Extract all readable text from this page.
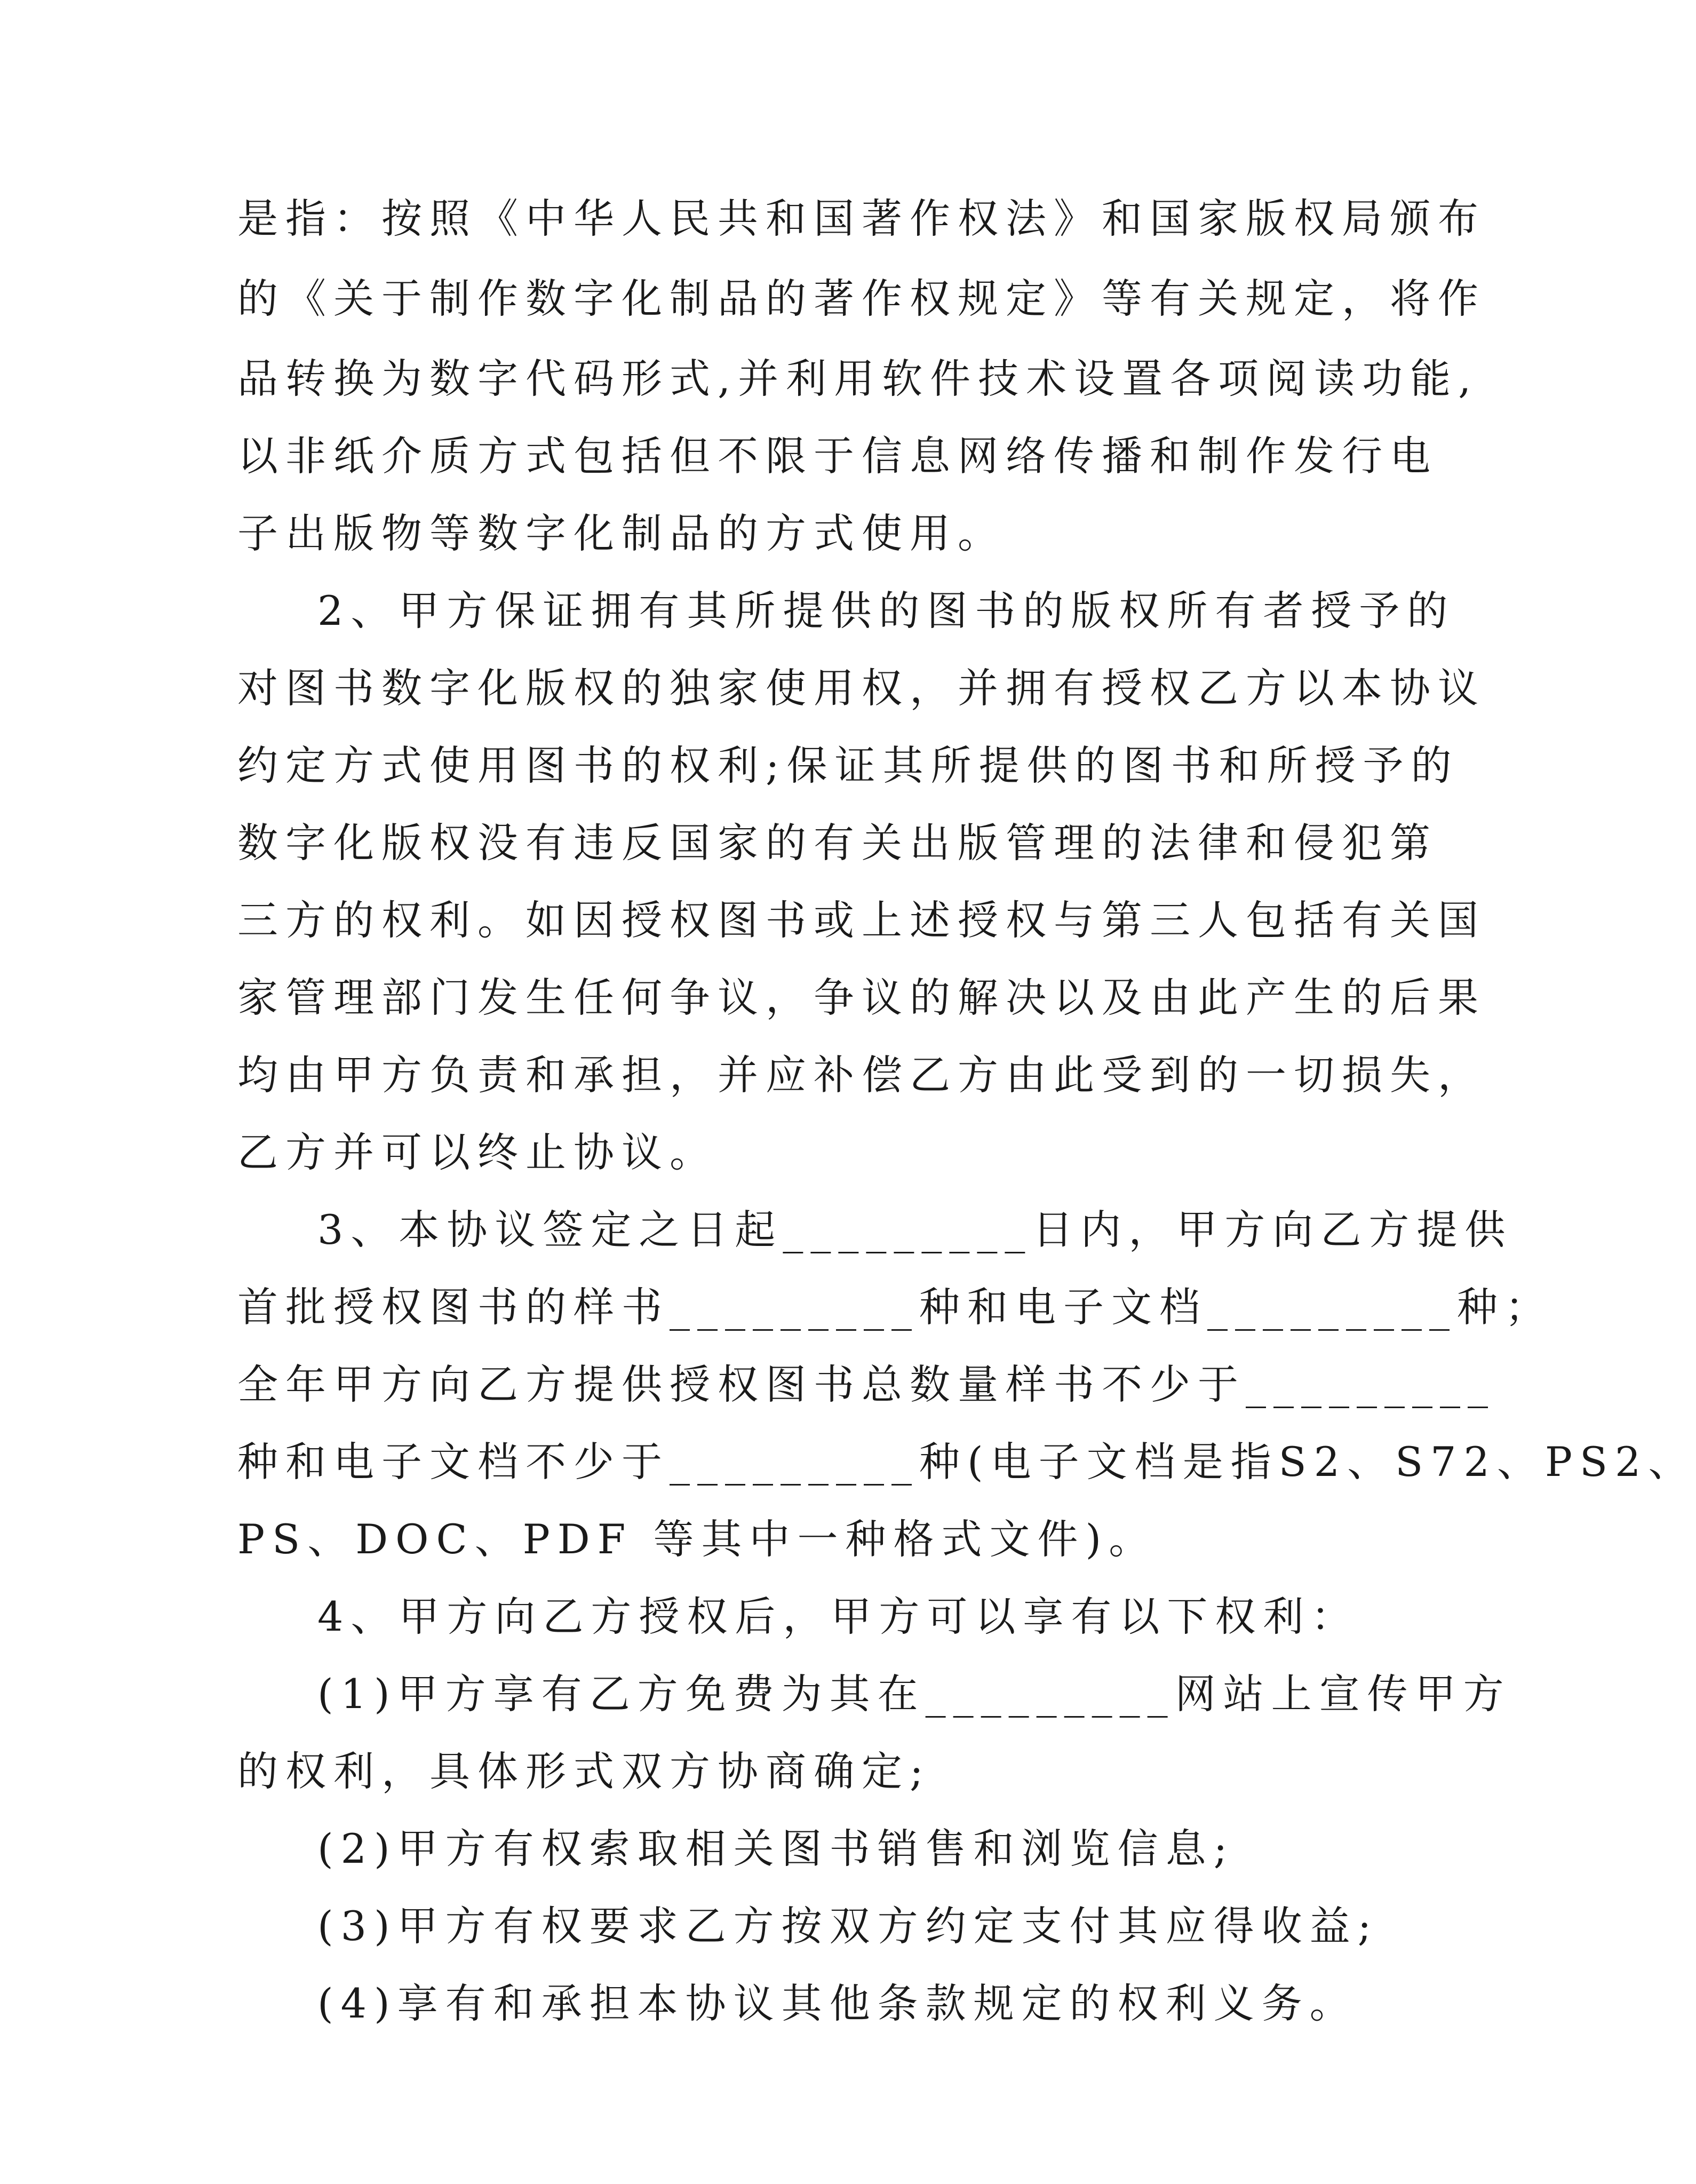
是指：按照《中华人民共和国著作权法》和国家版权局颁布
的《关于制作数字化制品的著作权规定》等有关规定，将作
品转换为数字代码形式,并利用软件技术设置各项阅读功能,
以非纸介质方式包括但不限于信息网络传播和制作发行电
子出版物等数字化制品的方式使用。
2、甲方保证拥有其所提供的图书的版权所有者授予的
对图书数字化版权的独家使用权，并拥有授权乙方以本协议
约定方式使用图书的权利;保证其所提供的图书和所授予的
数字化版权没有违反国家的有关出版管理的法律和侵犯第
三方的权利。如因授权图书或上述授权与第三人包括有关国
家管理部门发生任何争议，争议的解决以及由此产生的后果
均由甲方负责和承担，并应补偿乙方由此受到的一切损失，
乙方并可以终止协议。
3、本协议签定之日起_________日内，甲方向乙方提供
首批授权图书的样书_________种和电子文档_________种；
全年甲方向乙方提供授权图书总数量样书不少于_________
种和电子文档不少于_________种(电子文档是指S2、S72、PS2、
PS、DOC、PDF 等其中一种格式文件)。
4、甲方向乙方授权后，甲方可以享有以下权利：
(1)甲方享有乙方免费为其在_________网站上宣传甲方
的权利，具体形式双方协商确定;
(2)甲方有权索取相关图书销售和浏览信息;
(3)甲方有权要求乙方按双方约定支付其应得收益;
(4)享有和承担本协议其他条款规定的权利义务。
